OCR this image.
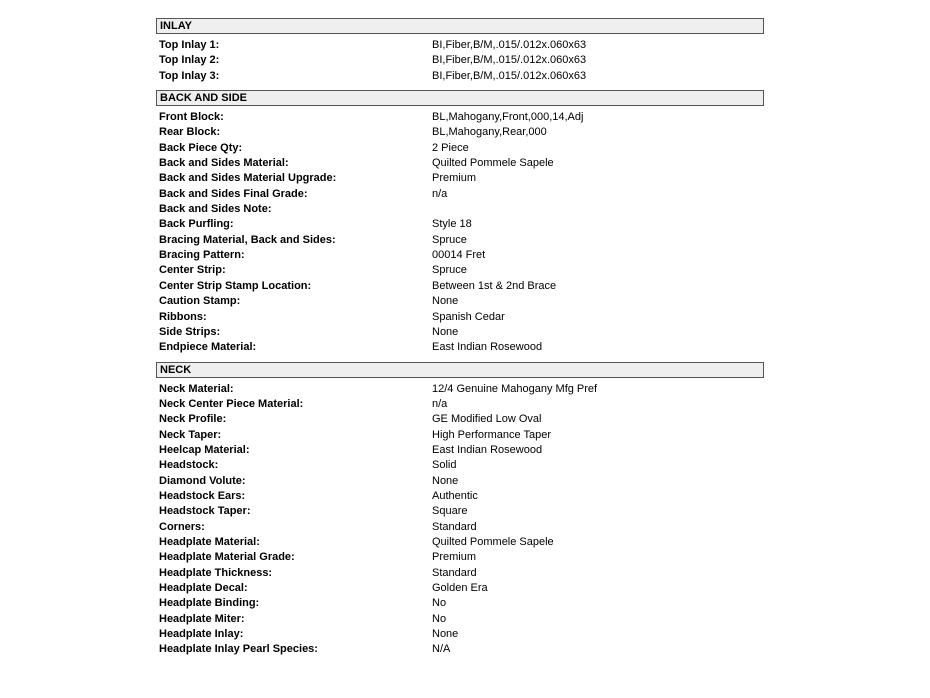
INLAY
Top Inlay 1:	BI,Fiber,B/M,.015/.012x.060x63
Top Inlay 2:	BI,Fiber,B/M,.015/.012x.060x63
Top Inlay 3:	BI,Fiber,B/M,.015/.012x.060x63
BACK AND SIDE
Front Block:	BL,Mahogany,Front,000,14,Adj
Rear Block:	BL,Mahogany,Rear,000
Back Piece Qty:	2 Piece
Back and Sides Material:	Quilted Pommele Sapele
Back and Sides Material Upgrade:	Premium
Back and Sides Final Grade:	n/a
Back and Sides Note:
Back Purfling:	Style 18
Bracing Material, Back and Sides:	Spruce
Bracing Pattern:	00014 Fret
Center Strip:	Spruce
Center Strip Stamp Location:	Between 1st & 2nd Brace
Caution Stamp:	None
Ribbons:	Spanish Cedar
Side Strips:	None
Endpiece Material:	East Indian Rosewood
NECK
Neck Material:	12/4 Genuine Mahogany Mfg Pref
Neck Center Piece Material:	n/a
Neck Profile:	GE Modified Low Oval
Neck Taper:	High Performance Taper
Heelcap Material:	East Indian Rosewood
Headstock:	Solid
Diamond Volute:	None
Headstock Ears:	Authentic
Headstock Taper:	Square
Corners:	Standard
Headplate Material:	Quilted Pommele Sapele
Headplate Material Grade:	Premium
Headplate Thickness:	Standard
Headplate Decal:	Golden Era
Headplate Binding:	No
Headplate Miter:	No
Headplate Inlay:	None
Headplate Inlay Pearl Species:	N/A
